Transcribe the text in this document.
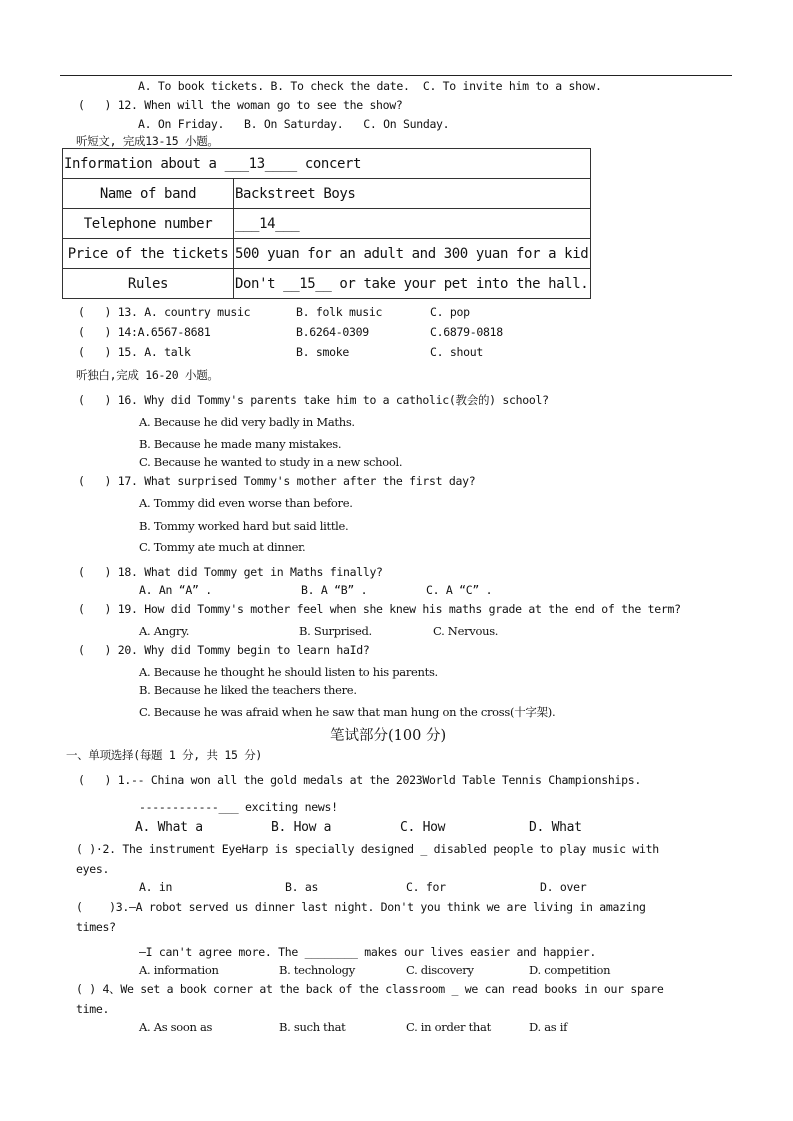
A. To book tickets. B. To check the date.  C. To invite him to a show.
(   ) 12. When will the woman go to see the show?
A. On Friday.   B. On Saturday.   C. On Sunday.
听短文, 完成13-15 小题。
Information about a ___13____ concert	
Name of band	Backstreet Boys
Telephone number	___14___
Price of the tickets	500 yuan for an adult and 300 yuan for a kid
Rules	Don't __15__ or take your pet into the hall.
(   ) 13. A. country music	B. folk music	C. pop
(   ) 14:A.6567-8681	B.6264-0309	C.6879-0818
(   ) 15. A. talk	B. smoke	C. shout
听独白,完成 16-20 小题。
(   ) 16. Why did Tommy's parents take him to a catholic(教会的) school?
A. Because he did very badly in Maths.
B. Because he made many mistakes.
C. Because he wanted to study in a new school.
(   ) 17. What surprised Tommy's mother after the first day?
A. Tommy did even worse than before.
B. Tommy worked hard but said little.
C. Tommy ate much at dinner.
(   ) 18. What did Tommy get in Maths finally?
A. An “A” .	B. A “B” .	C. A “C” .
(   ) 19. How did Tommy's mother feel when she knew his maths grade at the end of the term?
A. Angry.	B. Surprised.	C. Nervous.
(   ) 20. Why did Tommy begin to learn haId?
A. Because he thought he should listen to his parents.
B. Because he liked the teachers there.
C. Because he was afraid when he saw that man hung on the cross(十字架).
笔试部分(100 分)
一、单项选择(每题 1 分, 共 15 分)
(   ) 1.-- China won all the gold medals at the 2023World Table Tennis Championships.
------------___ exciting news!
A. What a	B. How a	C. How	D. What
( )·2. The instrument EyeHarp is specially designed _ disabled people to play music with
eyes.
A. in	B. as	C. for	D. over
(    )3.—A robot served us dinner last night. Don't you think we are living in amazing
times?
—I can't agree more. The ________ makes our lives easier and happier.
A. information	B. technology	C. discovery	D. competition
( ) 4、We set a book corner at the back of the classroom _ we can read books in our spare
time.
A. As soon as	B. such that	C. in order that	D. as if
